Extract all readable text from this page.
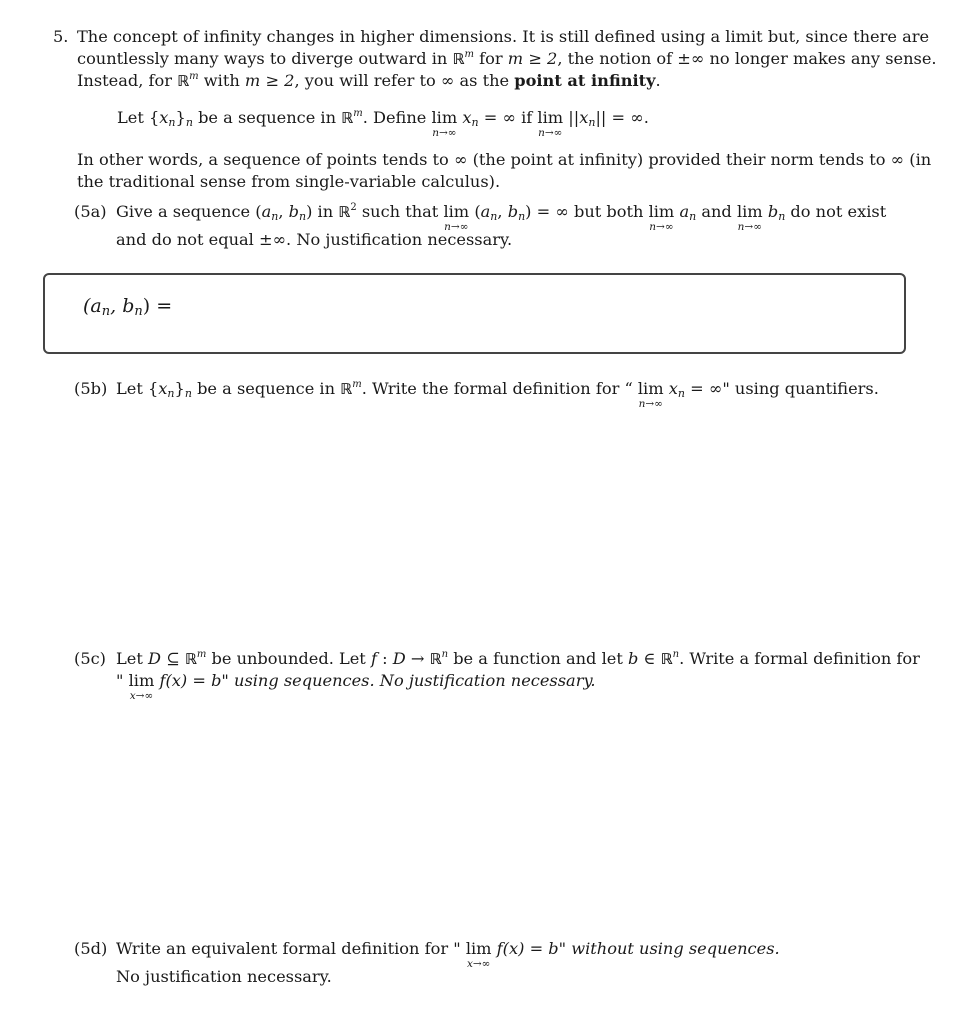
5. The concept of infinity changes in higher dimensions. It is still defined using a limit but, since there are
countlessly many ways to diverge outward in ℝ$^m$ for m ≥ 2, the notion of ±∞ no longer makes any sense.
Instead, for ℝ$^m$ with m ≥ 2, you will refer to ∞ as the point at infinity.
Let $\{x_n\}_n$ be a sequence in ℝ$^m$. Define lim
n→∞
$x_n$ = ∞ if lim
n→∞
$||x_n||$ = ∞.
In other words, a sequence of points tends to ∞ (the point at infinity) provided their norm tends to ∞ (in
the traditional sense from single-variable calculus).
(5a) Give a sequence ($a_n$, $b_n$) in ℝ$^2$ such that lim
n→∞
($a_n$, $b_n$) = ∞ but both lim
n→∞
$a_n$ and lim
n→∞
$b_n$ do not exist
and do not equal ±∞. No justification necessary.
($a_n$, $b_n$) =
(5b) Let $\{x_n\}_n$ be a sequence in ℝ$^m$. Write the formal definition for “ lim
n→∞
$x_n$ = ∞" using quantifiers.
(5c) Let D ⊆ ℝ$^m$ be unbounded. Let f : D → ℝ$^n$ be a function and let b ∈ ℝ$^n$. Write a formal definition for
" lim
x→∞
f(x) = b" using sequences. No justification necessary.
(5d) Write an equivalent formal definition for " lim
x→∞
f(x) = b" without using sequences.
No justification necessary.
